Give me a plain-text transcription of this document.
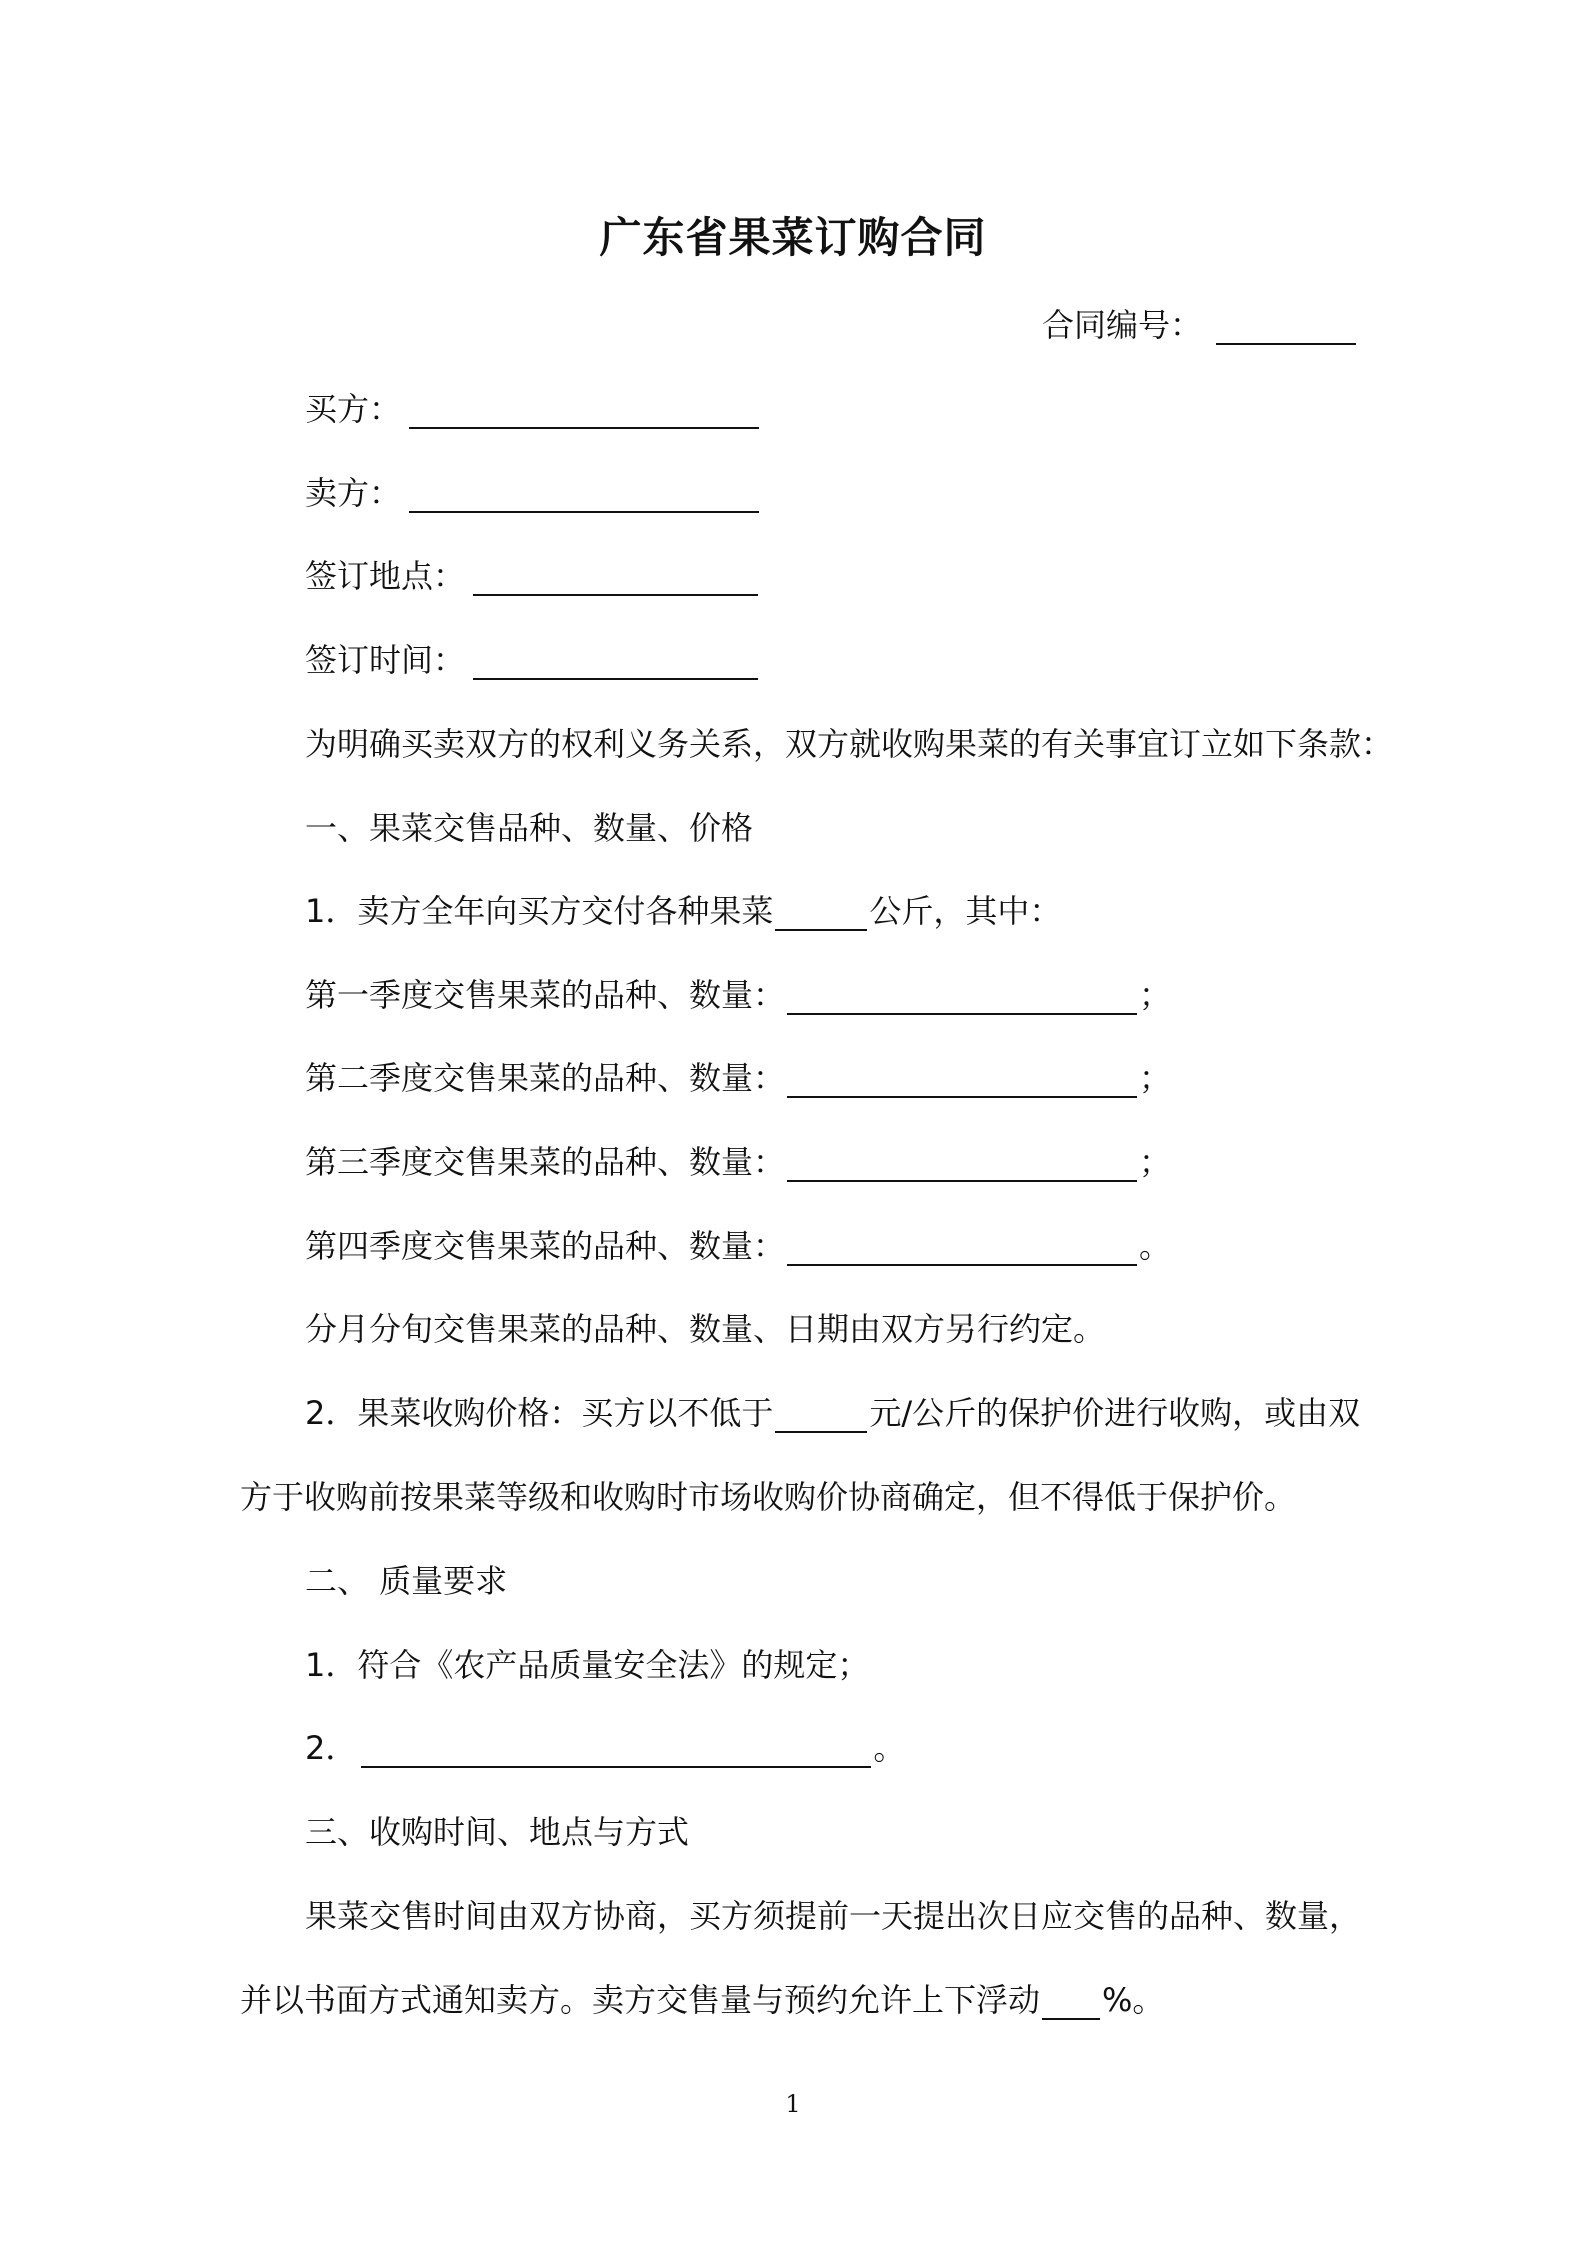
广东省果菜订购合同
合同编号：
买方：
卖方：
签订地点：
签订时间：
为明确买卖双方的权利义务关系，双方就收购果菜的有关事宜订立如下条款：
一、果菜交售品种、数量、价格
1．卖方全年向买方交付各种果菜	公斤，其中：
第一季度交售果菜的品种、数量：	；
第二季度交售果菜的品种、数量：	；
第三季度交售果菜的品种、数量：	；
第四季度交售果菜的品种、数量：	。
分月分旬交售果菜的品种、数量、日期由双方另行约定。
2．果菜收购价格：买方以不低于	元/公斤的保护价进行收购，或由双
方于收购前按果菜等级和收购时市场收购价协商确定，但不得低于保护价。
二、 质量要求
1．符合《农产品质量安全法》的规定；
2．	。
三、收购时间、地点与方式
果菜交售时间由双方协商，买方须提前一天提出次日应交售的品种、数量，
并以书面方式通知卖方。卖方交售量与预约允许上下浮动 %。
1
